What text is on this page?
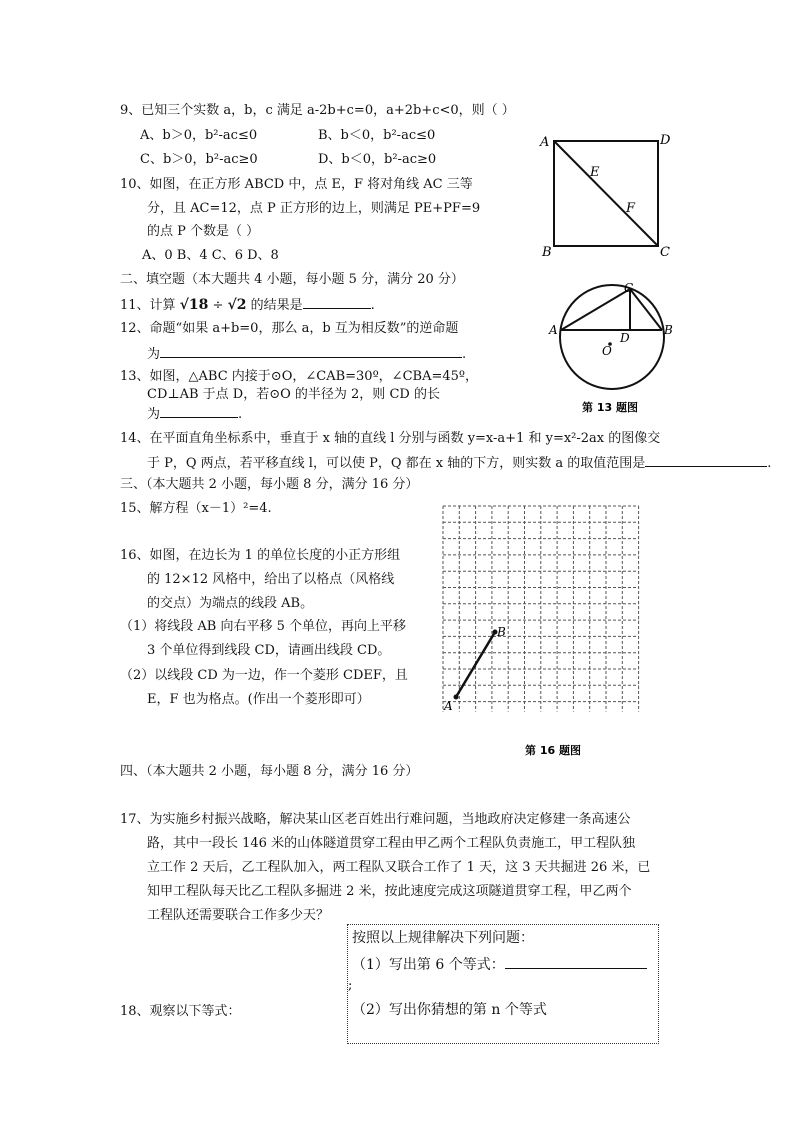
9、已知三个实数 a，b，c 满足 a-2b+c=0，a+2b+c<0，则（ ）
A、b＞0，b²-ac≤0	B、b＜0，b²-ac≤0
C、b＞0，b²-ac≥0	D、b＜0，b²-ac≥0
10、如图，在正方形 ABCD 中，点 E，F 将对角线 AC 三等
分，且 AC=12，点 P 正方形的边上，则满足 PE+PF=9
的点 P 个数是（ ）
A、0 B、4 C、6 D、8
A	D
B	C
E
F
二、填空题（本大题共 4 小题，每小题 5 分，满分 20 分）
11、计算 √18 ÷ √2 的结果是	.
12、命题“如果 a+b=0，那么 a，b 互为相反数”的逆命题
为	.
13、如图，△ABC 内接于⊙O，∠CAB=30º，∠CBA=45º，
CD⊥AB 于点 D，若⊙O 的半径为 2，则 CD 的长
为	.
A	B
C
D
O
第 13 题图
14、在平面直角坐标系中，垂直于 x 轴的直线 l 分别与函数 y=x-a+1 和 y=x²-2ax 的图像交
于 P，Q 两点，若平移直线 l，可以使 P，Q 都在 x 轴的下方，则实数 a 的取值范围是	.
三、（本大题共 2 小题，每小题 8 分，满分 16 分）
15、解方程（x－1）²=4.
16、如图，在边长为 1 的单位长度的小正方形组
的 12×12 风格中，给出了以格点（风格线
的交点）为端点的线段 AB。
（1）将线段 AB 向右平移 5 个单位，再向上平移
3 个单位得到线段 CD，请画出线段 CD。
（2）以线段 CD 为一边，作一个菱形 CDEF，且
E，F 也为格点。(作出一个菱形即可）	A
B
第 16 题图
四、（本大题共 2 小题，每小题 8 分，满分 16 分）
17、为实施乡村振兴战略，解决某山区老百姓出行难问题，当地政府决定修建一条高速公
路，其中一段长 146 米的山体隧道贯穿工程由甲乙两个工程队负责施工，甲工程队独
立工作 2 天后，乙工程队加入，两工程队又联合工作了 1 天，这 3 天共掘进 26 米，已
知甲工程队每天比乙工程队多掘进 2 米，按此速度完成这项隧道贯穿工程，甲乙两个
工程队还需要联合工作多少天？
18、观察以下等式：
按照以上规律解决下列问题：
（1）写出第 6 个等式：
;
（2）写出你猜想的第 n 个等式
